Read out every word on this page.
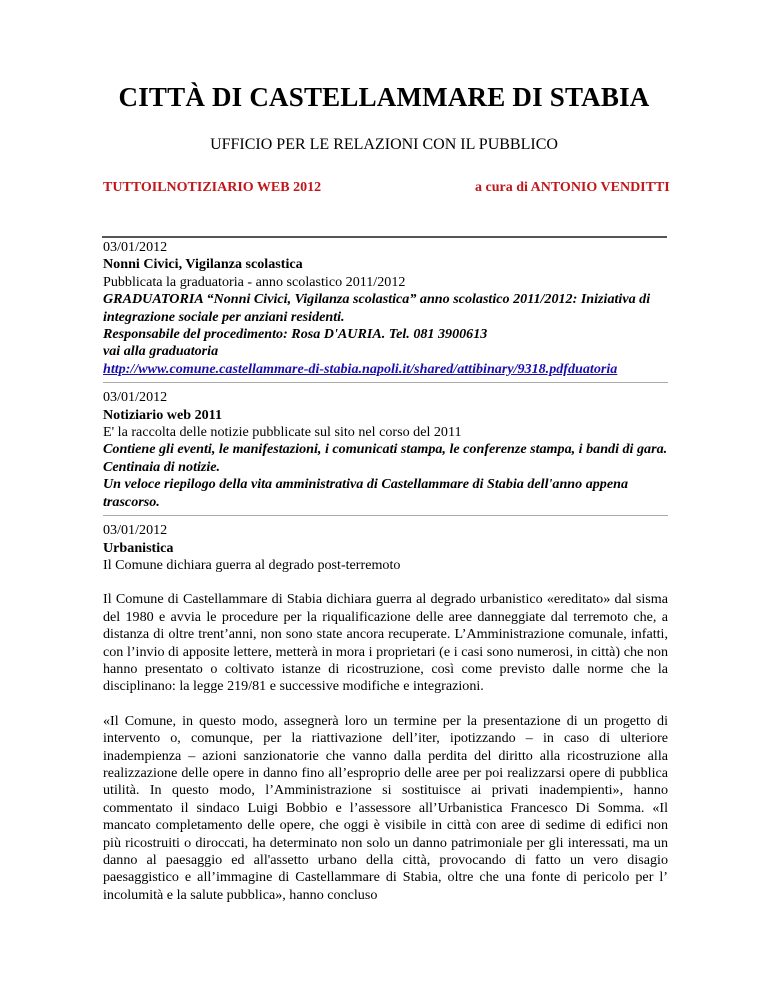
CITTÀ DI CASTELLAMMARE DI STABIA

UFFICIO PER LE RELAZIONI CON IL PUBBLICO

TUTTOILNOTIZIARIO WEB 2012	a cura di ANTONIO VENDITTI
03/01/2012
Nonni Civici, Vigilanza scolastica
Pubblicata la graduatoria - anno scolastico 2011/2012
GRADUATORIA “Nonni Civici, Vigilanza scolastica” anno scolastico 2011/2012: Iniziativa di integrazione sociale per anziani residenti.
Responsabile del procedimento: Rosa D'AURIA. Tel. 081 3900613
vai alla graduatoria
http://www.comune.castellammare-di-stabia.napoli.it/shared/attibinary/9318.pdfduatoria
03/01/2012
Notiziario web 2011
E' la raccolta delle notizie pubblicate sul sito nel corso del 2011
Contiene gli eventi, le manifestazioni, i comunicati stampa, le conferenze stampa, i bandi di gara. Centinaia di notizie.
Un veloce riepilogo della vita amministrativa di Castellammare di Stabia dell'anno appena trascorso.
03/01/2012
Urbanistica
Il Comune dichiara guerra al degrado post-terremoto

Il Comune di Castellammare di Stabia dichiara guerra al degrado urbanistico «ereditato» dal sisma del 1980 e avvia le procedure per la riqualificazione delle aree danneggiate dal terremoto che, a distanza di oltre trent’anni, non sono state ancora recuperate. L’Amministrazione comunale, infatti, con l’invio di apposite lettere, metterà in mora i proprietari (e i casi sono numerosi, in città) che non hanno presentato o coltivato istanze di ricostruzione, così come previsto dalle norme che la disciplinano: la legge 219/81 e successive modifiche e integrazioni.

«Il Comune, in questo modo, assegnerà loro un termine per la presentazione di un progetto di intervento o, comunque, per la riattivazione dell’iter, ipotizzando – in caso di ulteriore inadempienza – azioni sanzionatorie che vanno dalla perdita del diritto alla ricostruzione alla realizzazione delle opere in danno fino all’esproprio delle aree per poi realizzarsi opere di pubblica utilità. In questo modo, l’Amministrazione si sostituisce ai privati inadempienti», hanno commentato il sindaco Luigi Bobbio e l’assessore all’Urbanistica Francesco Di Somma. «Il mancato completamento delle opere, che oggi è visibile in città con aree di sedime di edifici non più ricostruiti o diroccati, ha determinato non solo un danno patrimoniale per gli interessati, ma un danno al paesaggio ed all'assetto urbano della città, provocando di fatto un vero disagio paesaggistico e all’immagine di Castellammare di Stabia, oltre che una fonte di pericolo per l’ incolumità e la salute pubblica», hanno concluso
